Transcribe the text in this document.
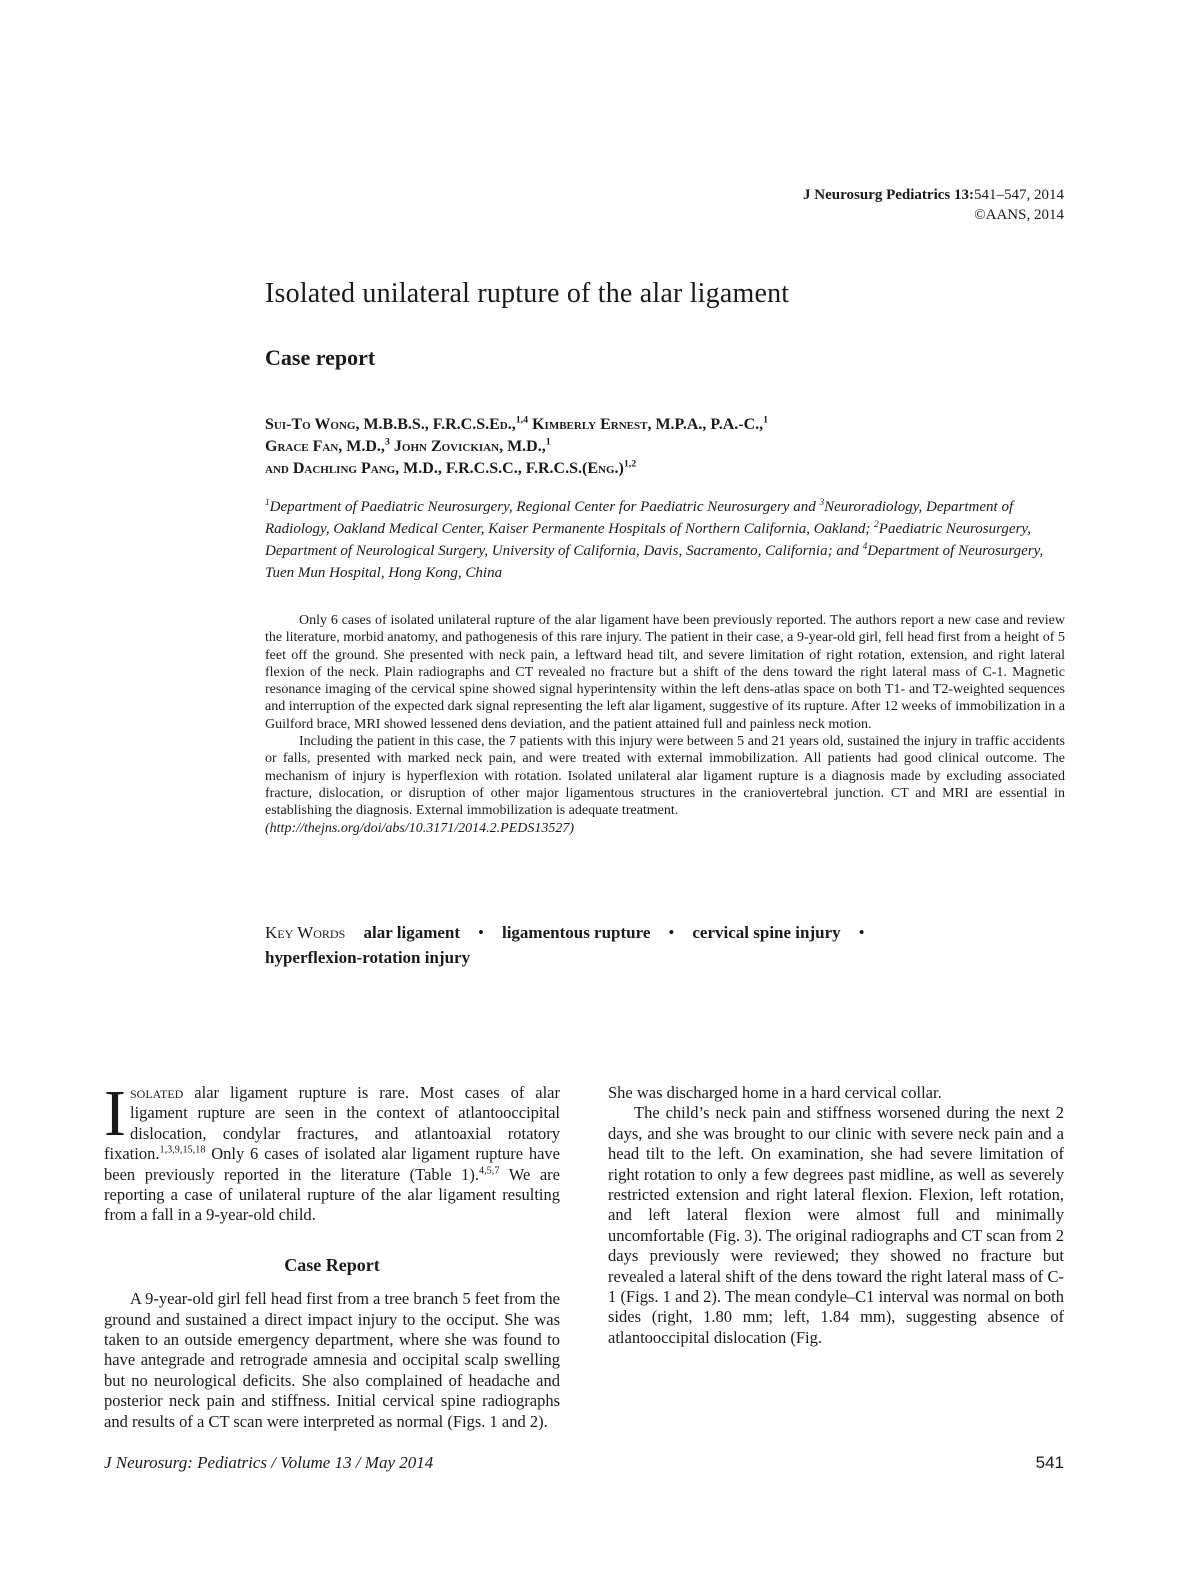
J Neurosurg Pediatrics 13:541–547, 2014
©AANS, 2014
Isolated unilateral rupture of the alar ligament
Case report
Sui-To Wong, M.B.B.S., F.R.C.S.Ed.,$^{1,4}$ Kimberly Ernest, M.P.A., P.A.-C.,$^1$
Grace Fan, M.D.,$^3$ John Zovickian, M.D.,$^1$
and Dachling Pang, M.D., F.R.C.S.C., $F.R.C.S.(Eng.)^{1,2}$
$^1$Department of Paediatric Neurosurgery, Regional Center for Paediatric Neurosurgery and $^3$Neuroradiology, Department of Radiology, Oakland Medical Center, Kaiser Permanente Hospitals of Northern California, Oakland; $^2$Paediatric Neurosurgery, Department of Neurological Surgery, University of California, Davis, Sacramento, California; and $^4$Department of Neurosurgery, Tuen Mun Hospital, Hong Kong, China

Only 6 cases of isolated unilateral rupture of the alar ligament have been previously reported. The authors report a new case and review the literature, morbid anatomy, and pathogenesis of this rare injury. The patient in their case, a 9-year-old girl, fell head first from a height of 5 feet off the ground. She presented with neck pain, a leftward head tilt, and severe limitation of right rotation, extension, and right lateral flexion of the neck. Plain radiographs and CT revealed no fracture but a shift of the dens toward the right lateral mass of C-1. Magnetic resonance imaging of the cervical spine showed signal hyperintensity within the left dens-atlas space on both T1- and T2-weighted sequences and interruption of the expected dark signal representing the left alar ligament, suggestive of its rupture. After 12 weeks of immobilization in a Guilford brace, MRI showed lessened dens deviation, and the patient attained full and painless neck motion.

Including the patient in this case, the 7 patients with this injury were between 5 and 21 years old, sustained the injury in traffic accidents or falls, presented with marked neck pain, and were treated with external immobilization. All patients had good clinical outcome. The mechanism of injury is hyperflexion with rotation. Isolated unilateral alar ligament rupture is a diagnosis made by excluding associated fracture, dislocation, or disruption of other major ligamentous structures in the craniovertebral junction. CT and MRI are essential in establishing the diagnosis. External immobilization is adequate treatment.

(http://thejns.org/doi/abs/10.3171/2014.2.PEDS13527)

Key Words alar ligament • ligamentous rupture • cervical spine injury •
hyperflexion-rotation injury

Isolated alar ligament rupture is rare. Most cases of alar ligament rupture are seen in the context of atlantooccipital dislocation, condylar fractures, and atlantoaxial rotatory fixation.$^{1,3,9,15,18}$ Only 6 cases of isolated alar ligament rupture have been previously reported in the literature (Table 1).$^{4,5,7}$ We are reporting a case of unilateral rupture of the alar ligament resulting from a fall in a 9-year-old child.

Case Report

A 9-year-old girl fell head first from a tree branch 5 feet from the ground and sustained a direct impact injury to the occiput. She was taken to an outside emergency department, where she was found to have antegrade and retrograde amnesia and occipital scalp swelling but no neurological deficits. She also complained of headache and posterior neck pain and stiffness. Initial cervical spine radiographs and results of a CT scan were interpreted as normal (Figs. 1 and 2).

She was discharged home in a hard cervical collar.

The child’s neck pain and stiffness worsened during the next 2 days, and she was brought to our clinic with severe neck pain and a head tilt to the left. On examination, she had severe limitation of right rotation to only a few degrees past midline, as well as severely restricted extension and right lateral flexion. Flexion, left rotation, and left lateral flexion were almost full and minimally uncomfortable (Fig. 3). The original radiographs and CT scan from 2 days previously were reviewed; they showed no fracture but revealed a lateral shift of the dens toward the right lateral mass of C-1 (Figs. 1 and 2). The mean condyle–C1 interval was normal on both sides (right, 1.80 mm; left, 1.84 mm), suggesting absence of atlantooccipital dislocation (Fig.

J Neurosurg: Pediatrics / Volume 13 / May 2014	541
